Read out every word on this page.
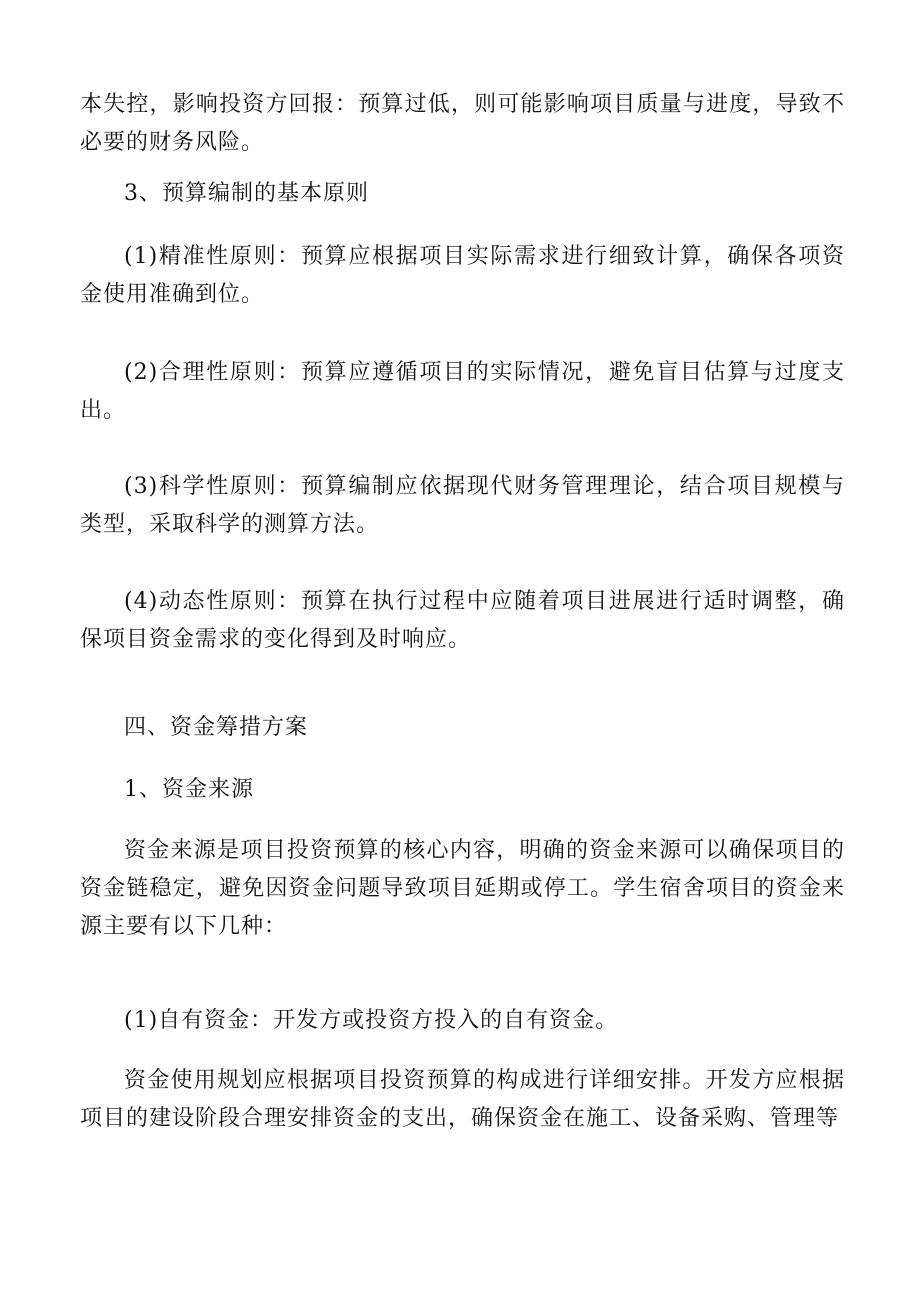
本失控，影响投资方回报：预算过低，则可能影响项目质量与进度，导致不必要的财务风险。

3、预算编制的基本原则

(1)精准性原则：预算应根据项目实际需求进行细致计算，确保各项资金使用准确到位。

(2)合理性原则：预算应遵循项目的实际情况，避免盲目估算与过度支出。

(3)科学性原则：预算编制应依据现代财务管理理论，结合项目规模与类型，采取科学的测算方法。

(4)动态性原则：预算在执行过程中应随着项目进展进行适时调整，确保项目资金需求的变化得到及时响应。

四、资金筹措方案

1、资金来源

资金来源是项目投资预算的核心内容，明确的资金来源可以确保项目的资金链稳定，避免因资金问题导致项目延期或停工。学生宿舍项目的资金来源主要有以下几种：

(1)自有资金：开发方或投资方投入的自有资金。

资金使用规划应根据项目投资预算的构成进行详细安排。开发方应根据项目的建设阶段合理安排资金的支出，确保资金在施工、设备采购、管理等
